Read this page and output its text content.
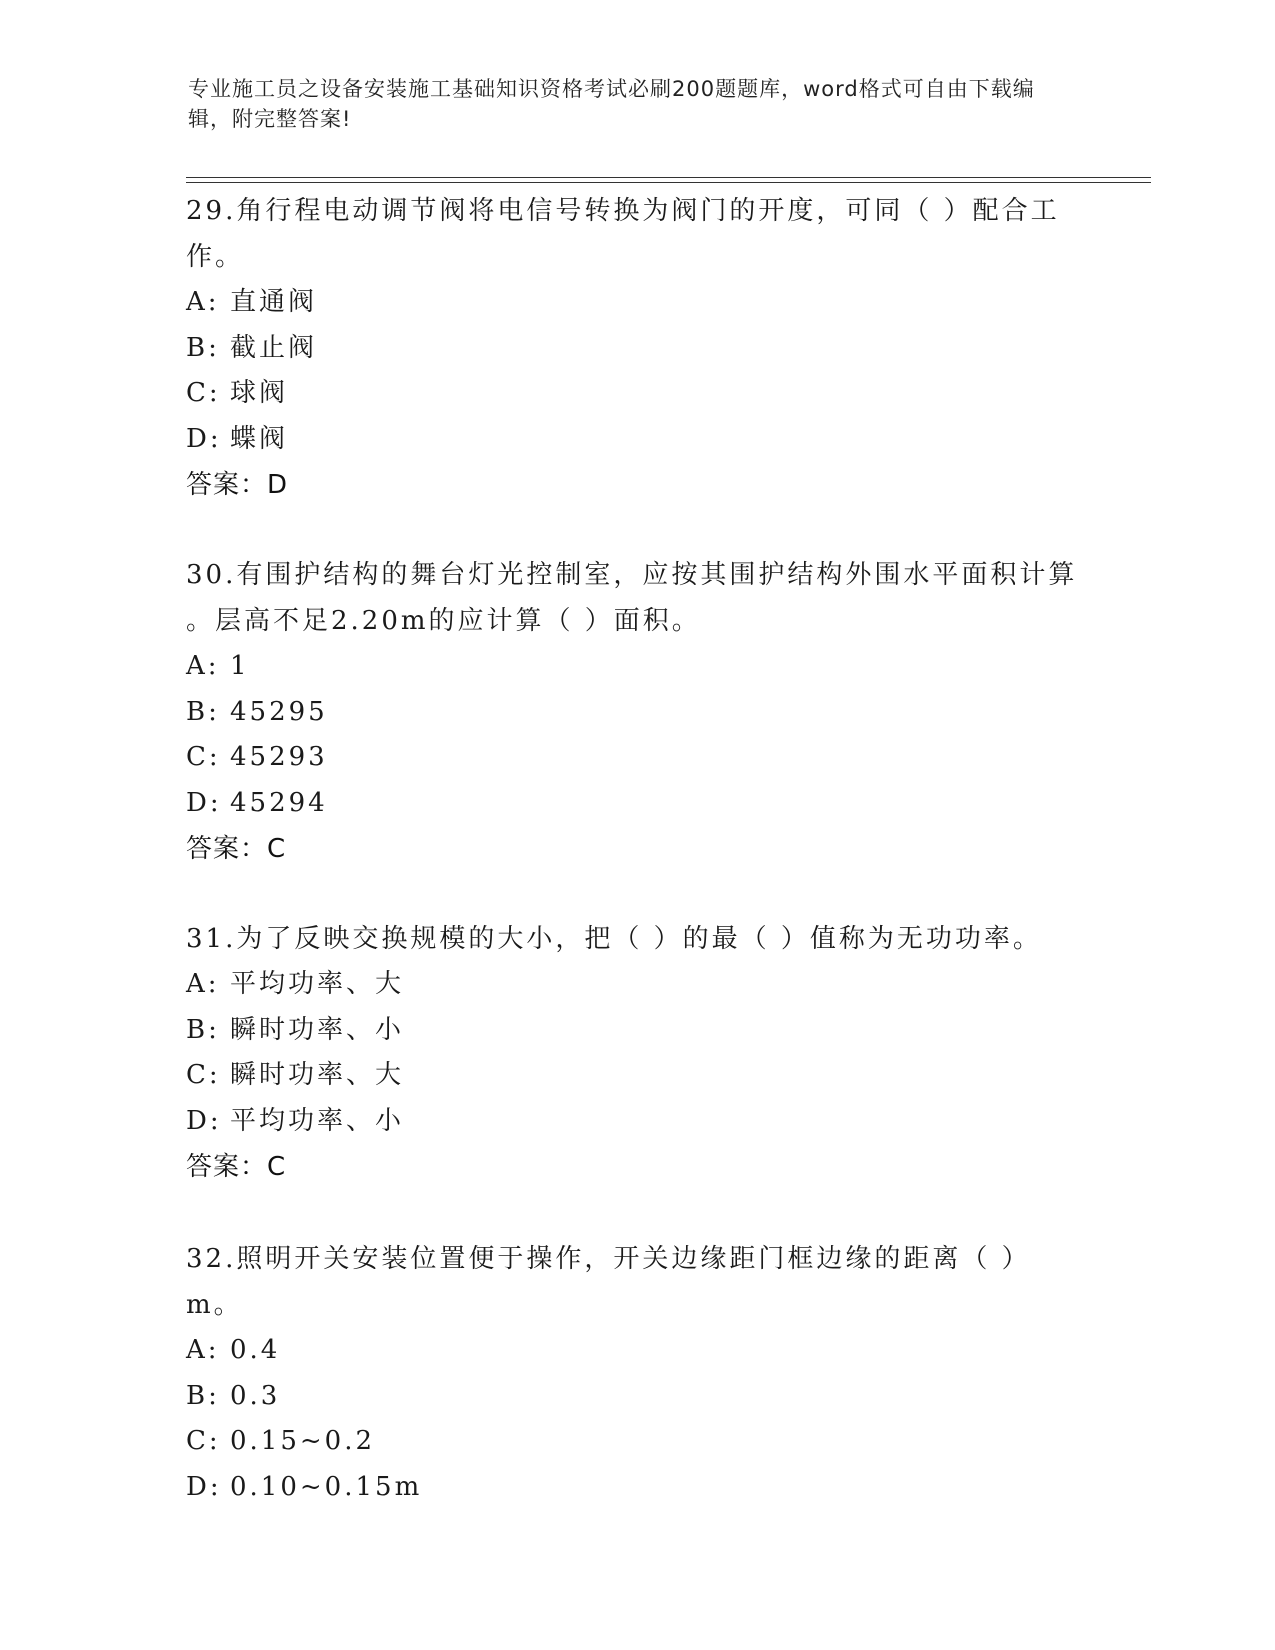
专业施工员之设备安装施工基础知识资格考试必刷200题题库，word格式可自由下载编辑，附完整答案!

29.角行程电动调节阀将电信号转换为阀门的开度，可同（ ）配合工

作。

A: 直通阀

B: 截止阀

C: 球阀

D: 蝶阀

答案：D

30.有围护结构的舞台灯光控制室，应按其围护结构外围水平面积计算

。层高不足2.20m的应计算（ ）面积。

A: 1

B: 45295

C: 45293

D: 45294

答案：C

31.为了反映交换规模的大小，把（ ）的最（ ）值称为无功功率。

A: 平均功率、大

B: 瞬时功率、小

C: 瞬时功率、大

D: 平均功率、小

答案：C

32.照明开关安装位置便于操作，开关边缘距门框边缘的距离（ ）m。

A: 0.4

B: 0.3

C: 0.15~0.2

D: 0.10~0.15m
